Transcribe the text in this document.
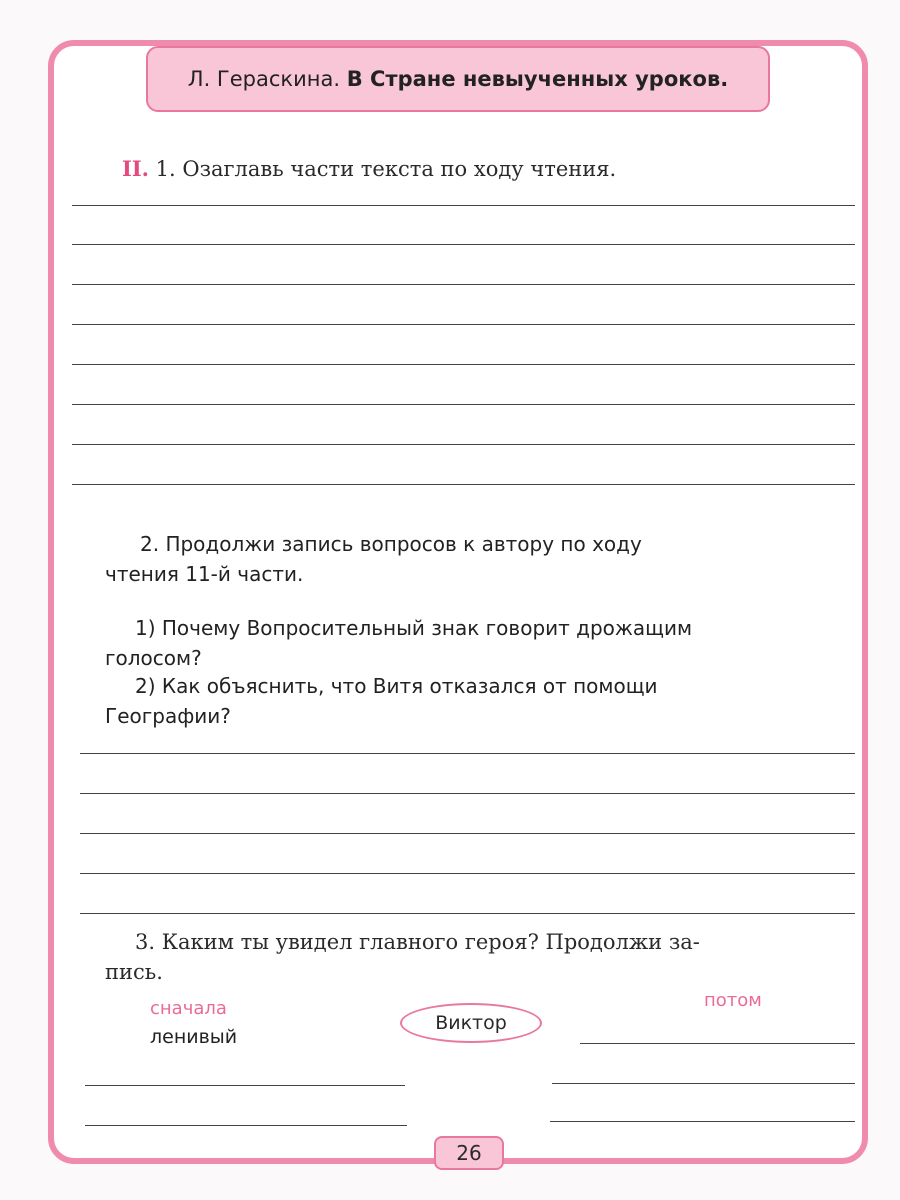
Л. Гераскина. В Стране невыученных уроков.
II. 1. Озаглавь части текста по ходу чтения.
2. Продолжи запись вопросов к автору по ходу
чтения 11-й части.
1) Почему Вопросительный знак говорит дрожащим
голосом?
2) Как объяснить, что Витя отказался от помощи
Географии?
3. Каким ты увидел главного героя? Продолжи за-
пись.
сначала
ленивый
Виктор
потом
26
